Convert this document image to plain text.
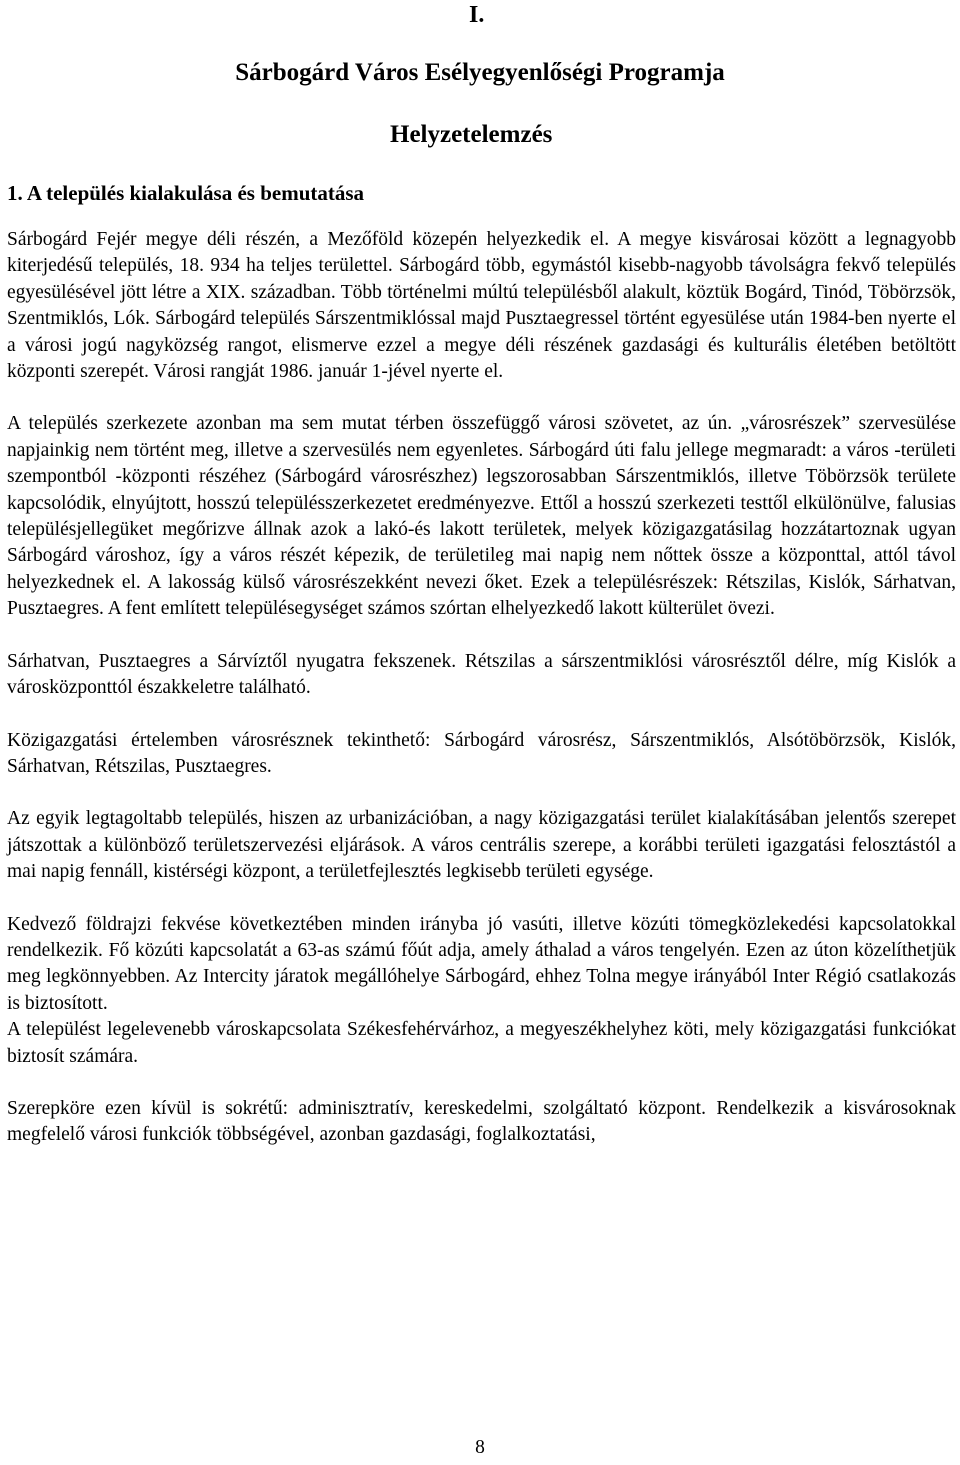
I.
Sárbogárd Város Esélyegyenlőségi Programja
Helyzetelemzés
1. A település kialakulása és bemutatása

Sárbogárd Fejér megye déli részén, a Mezőföld közepén helyezkedik el. A megye kisvárosai között a legnagyobb kiterjedésű település, 18. 934 ha teljes területtel. Sárbogárd több, egymástól kisebb-nagyobb távolságra fekvő település egyesülésével jött létre a XIX. században. Több történelmi múltú településből alakult, köztük Bogárd, Tinód, Töbörzsök, Szentmiklós, Lók. Sárbogárd település Sárszentmiklóssal majd Pusztaegressel történt egyesülése után 1984-ben nyerte el a városi jogú nagyközség rangot, elismerve ezzel a megye déli részének gazdasági és kulturális életében betöltött központi szerepét. Városi rangját 1986. január 1-jével nyerte el.

A település szerkezete azonban ma sem mutat térben összefüggő városi szövetet, az ún. „városrészek” szervesülése napjainkig nem történt meg, illetve a szervesülés nem egyenletes. Sárbogárd úti falu jellege megmaradt: a város -területi szempontból -központi részéhez (Sárbogárd városrészhez) legszorosabban Sárszentmiklós, illetve Töbörzsök területe kapcsolódik, elnyújtott, hosszú településszerkezetet eredményezve. Ettől a hosszú szerkezeti testtől elkülönülve, falusias településjellegüket megőrizve állnak azok a lakó-és lakott területek, melyek közigazgatásilag hozzátartoznak ugyan Sárbogárd városhoz, így a város részét képezik, de területileg mai napig nem nőttek össze a központtal, attól távol helyezkednek el. A lakosság külső városrészekként nevezi őket. Ezek a településrészek: Rétszilas, Kislók, Sárhatvan, Pusztaegres. A fent említett településegységet számos szórtan elhelyezkedő lakott külterület övezi.

Sárhatvan, Pusztaegres a Sárvíztől nyugatra fekszenek. Rétszilas a sárszentmiklósi városrésztől délre, míg Kislók a városközponttól északkeletre található.

Közigazgatási értelemben városrésznek tekinthető: Sárbogárd városrész, Sárszentmiklós, Alsótöbörzsök, Kislók, Sárhatvan, Rétszilas, Pusztaegres.

Az egyik legtagoltabb település, hiszen az urbanizációban, a nagy közigazgatási terület kialakításában jelentős szerepet játszottak a különböző területszervezési eljárások. A város centrális szerepe, a korábbi területi igazgatási felosztástól a mai napig fennáll, kistérségi központ, a területfejlesztés legkisebb területi egysége.

Kedvező földrajzi fekvése következtében minden irányba jó vasúti, illetve közúti tömegközlekedési kapcsolatokkal rendelkezik. Fő közúti kapcsolatát a 63-as számú főút adja, amely áthalad a város tengelyén. Ezen az úton közelíthetjük meg legkönnyebben. Az Intercity járatok megállóhelye Sárbogárd, ehhez Tolna megye irányából Inter Régió csatlakozás is biztosított.

A települést legelevenebb városkapcsolata Székesfehérvárhoz, a megyeszékhelyhez köti, mely közigazgatási funkciókat biztosít számára.

Szerepköre ezen kívül is sokrétű: adminisztratív, kereskedelmi, szolgáltató központ. Rendelkezik a kisvárosoknak megfelelő városi funkciók többségével, azonban gazdasági, foglalkoztatási,

8
